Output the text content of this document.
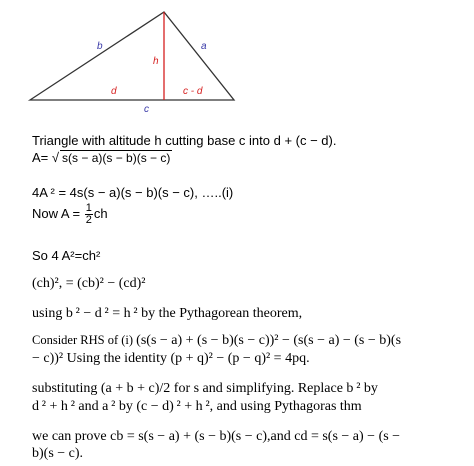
b	a
h
d	c - d
c
Triangle with altitude h cutting base c into d + (c − d).
A= √ s(s − a)(s − b)(s − c)
4A ² = 4s(s − a)(s − b)(s − c), …..(i)
Now $A = \frac{1}{2}$ ch
So 4 A²=ch²
(ch)², = (cb)² − (cd)²
using b ² − d ² = h ² by the Pythagorean theorem,
Consider RHS of (i) (s(s − a) + (s − b)(s − c))² − (s(s − a) − (s − b)(s
− c))² Using the identity (p + q)² − (p − q)² = 4pq.
substituting (a + b + c)/2 for s and simplifying. Replace b ² by
d ² + h ² and a ² by (c − d) ² + h ², and using Pythagoras thm
we can prove cb = s(s − a) + (s − b)(s − c),and cd = s(s − a) − (s −
b)(s − c).
